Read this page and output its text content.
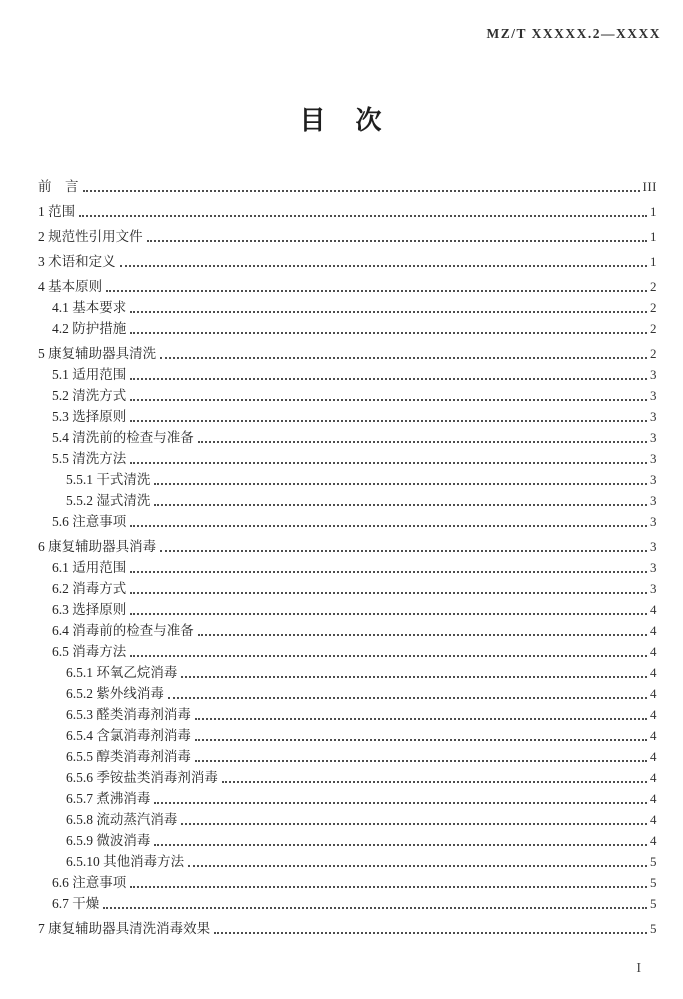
MZ/T XXXXX.2—XXXX
目　次
前　言	III
1 范围	1
2 规范性引用文件	1
3 术语和定义	1
4 基本原则	2
4.1 基本要求	2
4.2 防护措施	2
5 康复辅助器具清洗	2
5.1 适用范围	3
5.2 清洗方式	3
5.3 选择原则	3
5.4 清洗前的检查与准备	3
5.5 清洗方法	3
5.5.1 干式清洗	3
5.5.2 湿式清洗	3
5.6 注意事项	3
6 康复辅助器具消毒	3
6.1 适用范围	3
6.2 消毒方式	3
6.3 选择原则	4
6.4 消毒前的检查与准备	4
6.5 消毒方法	4
6.5.1 环氧乙烷消毒	4
6.5.2 紫外线消毒	4
6.5.3 醛类消毒剂消毒	4
6.5.4 含氯消毒剂消毒	4
6.5.5 醇类消毒剂消毒	4
6.5.6 季铵盐类消毒剂消毒	4
6.5.7 煮沸消毒	4
6.5.8 流动蒸汽消毒	4
6.5.9 微波消毒	4
6.5.10 其他消毒方法	5
6.6 注意事项	5
6.7 干燥	5
7 康复辅助器具清洗消毒效果	5
I
